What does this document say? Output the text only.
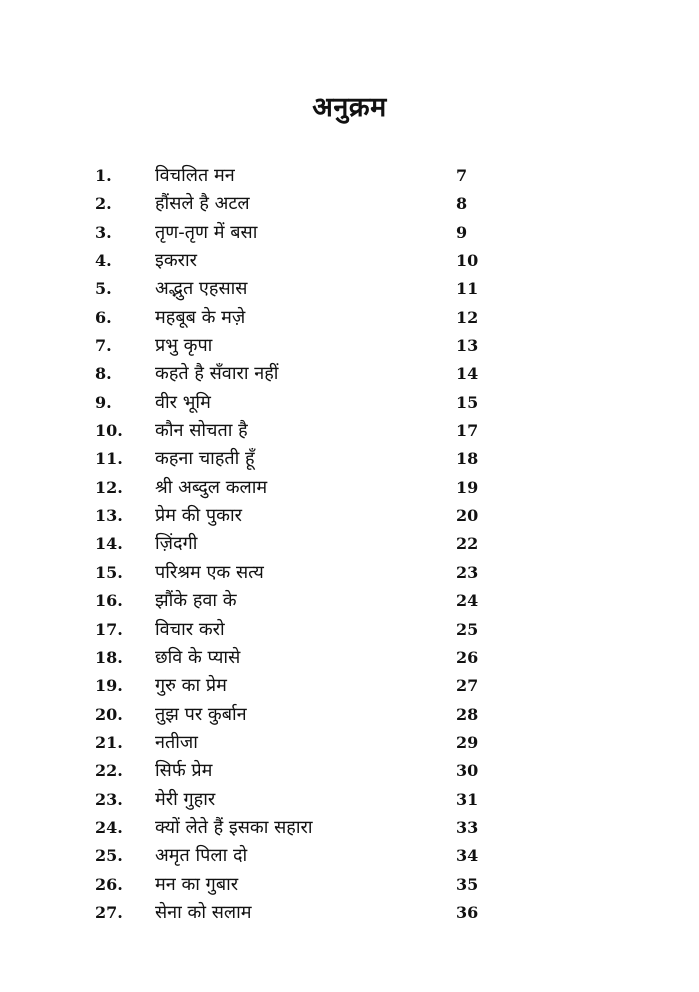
अनुक्रम
1. विचलित मन	7
2. हौंसले है अटल	8
3. तृण-तृण में बसा	9
4. इकरार	10
5. अद्भुत एहसास	11
6. महबूब के मज़े	12
7. प्रभु कृपा	13
8. कहते है सँवारा नहीं	14
9. वीर भूमि	15
10. कौन सोचता है	17
11. कहना चाहती हूँ	18
12. श्री अब्दुल कलाम	19
13. प्रेम की पुकार	20
14. ज़िंदगी	22
15. परिश्रम एक सत्य	23
16. झौंके हवा के	24
17. विचार करो	25
18. छवि के प्यासे	26
19. गुरु का प्रेम	27
20. तुझ पर कुर्बान	28
21. नतीजा	29
22. सिर्फ प्रेम	30
23. मेरी गुहार	31
24. क्यों लेते हैं इसका सहारा	33
25. अमृत पिला दो	34
26. मन का गुबार	35
27. सेना को सलाम	36
